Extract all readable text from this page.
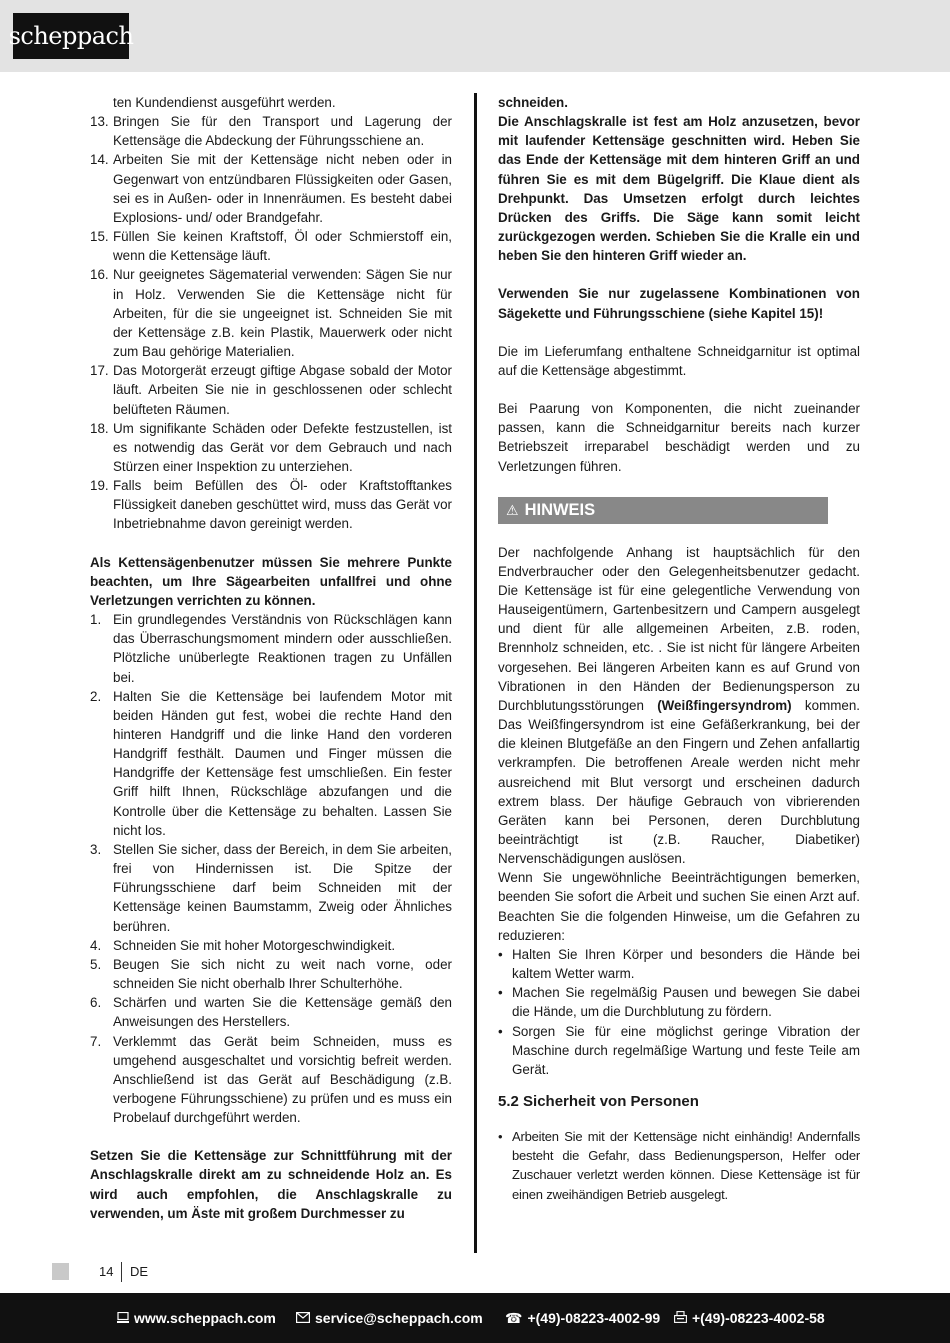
scheppach
ten Kundendienst ausgeführt werden.
13. Bringen Sie für den Transport und Lagerung der Kettensäge die Abdeckung der Führungsschiene an.
14. Arbeiten Sie mit der Kettensäge nicht neben oder in Gegenwart von entzündbaren Flüssigkeiten oder Gasen, sei es in Außen- oder in Innenräumen. Es besteht dabei Explosions- und/ oder Brandgefahr.
15. Füllen Sie keinen Kraftstoff, Öl oder Schmierstoff ein, wenn die Kettensäge läuft.
16. Nur geeignetes Sägematerial verwenden: Sägen Sie nur in Holz. Verwenden Sie die Kettensäge nicht für Arbeiten, für die sie ungeeignet ist. Schneiden Sie mit der Kettensäge z.B. kein Plastik, Mauerwerk oder nicht zum Bau gehörige Materialien.
17. Das Motorgerät erzeugt giftige Abgase sobald der Motor läuft. Arbeiten Sie nie in geschlossenen oder schlecht belüfteten Räumen.
18. Um signifikante Schäden oder Defekte festzustellen, ist es notwendig das Gerät vor dem Gebrauch und nach Stürzen einer Inspektion zu unterziehen.
19. Falls beim Befüllen des Öl- oder Kraftstofftankes Flüssigkeit daneben geschüttet wird, muss das Gerät vor Inbetriebnahme davon gereinigt werden.

Als Kettensägenbenutzer müssen Sie mehrere Punkte beachten, um Ihre Sägearbeiten unfallfrei und ohne Verletzungen verrichten zu können.

1. Ein grundlegendes Verständnis von Rückschlägen kann das Überraschungsmoment mindern oder ausschließen. Plötzliche unüberlegte Reaktionen tragen zu Unfällen bei.
2. Halten Sie die Kettensäge bei laufendem Motor mit beiden Händen gut fest, wobei die rechte Hand den hinteren Handgriff und die linke Hand den vorderen Handgriff festhält. Daumen und Finger müssen die Handgriffe der Kettensäge fest umschließen. Ein fester Griff hilft Ihnen, Rückschläge abzufangen und die Kontrolle über die Kettensäge zu behalten. Lassen Sie nicht los.
3. Stellen Sie sicher, dass der Bereich, in dem Sie arbeiten, frei von Hindernissen ist. Die Spitze der Führungsschiene darf beim Schneiden mit der Kettensäge keinen Baumstamm, Zweig oder Ähnliches berühren.
4. Schneiden Sie mit hoher Motorgeschwindigkeit.
5. Beugen Sie sich nicht zu weit nach vorne, oder schneiden Sie nicht oberhalb Ihrer Schulterhöhe.
6. Schärfen und warten Sie die Kettensäge gemäß den Anweisungen des Herstellers.
7. Verklemmt das Gerät beim Schneiden, muss es umgehend ausgeschaltet und vorsichtig befreit werden. Anschließend ist das Gerät auf Beschädigung (z.B. verbogene Führungsschiene) zu prüfen und es muss ein Probelauf durchgeführt werden.

Setzen Sie die Kettensäge zur Schnittführung mit der Anschlagskralle direkt am zu schneidende Holz an. Es wird auch empfohlen, die Anschlagskralle zu verwenden, um Äste mit großem Durchmesser zu

schneiden.

Die Anschlagskralle ist fest am Holz anzusetzen, bevor mit laufender Kettensäge geschnitten wird. Heben Sie das Ende der Kettensäge mit dem hinteren Griff an und führen Sie es mit dem Bügelgriff. Die Klaue dient als Drehpunkt. Das Umsetzen erfolgt durch leichtes Drücken des Griffs. Die Säge kann somit leicht zurückgezogen werden. Schieben Sie die Kralle ein und heben Sie den hinteren Griff wieder an.

Verwenden Sie nur zugelassene Kombinationen von Sägekette und Führungsschiene (siehe Kapitel 15)!

Die im Lieferumfang enthaltene Schneidgarnitur ist optimal auf die Kettensäge abgestimmt.

Bei Paarung von Komponenten, die nicht zueinander passen, kann die Schneidgarnitur bereits nach kurzer Betriebszeit irreparabel beschädigt werden und zu Verletzungen führen.

⚠ HINWEIS

Der nachfolgende Anhang ist hauptsächlich für den Endverbraucher oder den Gelegenheitsbenutzer gedacht. Die Kettensäge ist für eine gelegentliche Verwendung von Hauseigentümern, Gartenbesitzern und Campern ausgelegt und dient für alle allgemeinen Arbeiten, z.B. roden, Brennholz schneiden, etc. . Sie ist nicht für längere Arbeiten vorgesehen. Bei längeren Arbeiten kann es auf Grund von Vibrationen in den Händen der Bedienungsperson zu Durchblutungsstörungen (Weißfingersyndrom) kommen. Das Weißfingersyndrom ist eine Gefäßerkrankung, bei der die kleinen Blutgefäße an den Fingern und Zehen anfallartig verkrampfen. Die betroffenen Areale werden nicht mehr ausreichend mit Blut versorgt und erscheinen dadurch extrem blass. Der häufige Gebrauch von vibrierenden Geräten kann bei Personen, deren Durchblutung beeinträchtigt ist (z.B. Raucher, Diabetiker) Nervenschädigungen auslösen.

Wenn Sie ungewöhnliche Beeinträchtigungen bemerken, beenden Sie sofort die Arbeit und suchen Sie einen Arzt auf. Beachten Sie die folgenden Hinweise, um die Gefahren zu reduzieren:

• Halten Sie Ihren Körper und besonders die Hände bei kaltem Wetter warm.
• Machen Sie regelmäßig Pausen und bewegen Sie dabei die Hände, um die Durchblutung zu fördern.
• Sorgen Sie für eine möglichst geringe Vibration der Maschine durch regelmäßige Wartung und feste Teile am Gerät.
5.2 Sicherheit von Personen
• Arbeiten Sie mit der Kettensäge nicht einhändig! Andernfalls besteht die Gefahr, dass Bedienungsperson, Helfer oder Zuschauer verletzt werden können. Diese Kettensäge ist für einen zweihändigen Betrieb ausgelegt.
14 DE
www.scheppach.com	service@scheppach.com ☎ +(49)-08223-4002-99	+(49)-08223-4002-58
